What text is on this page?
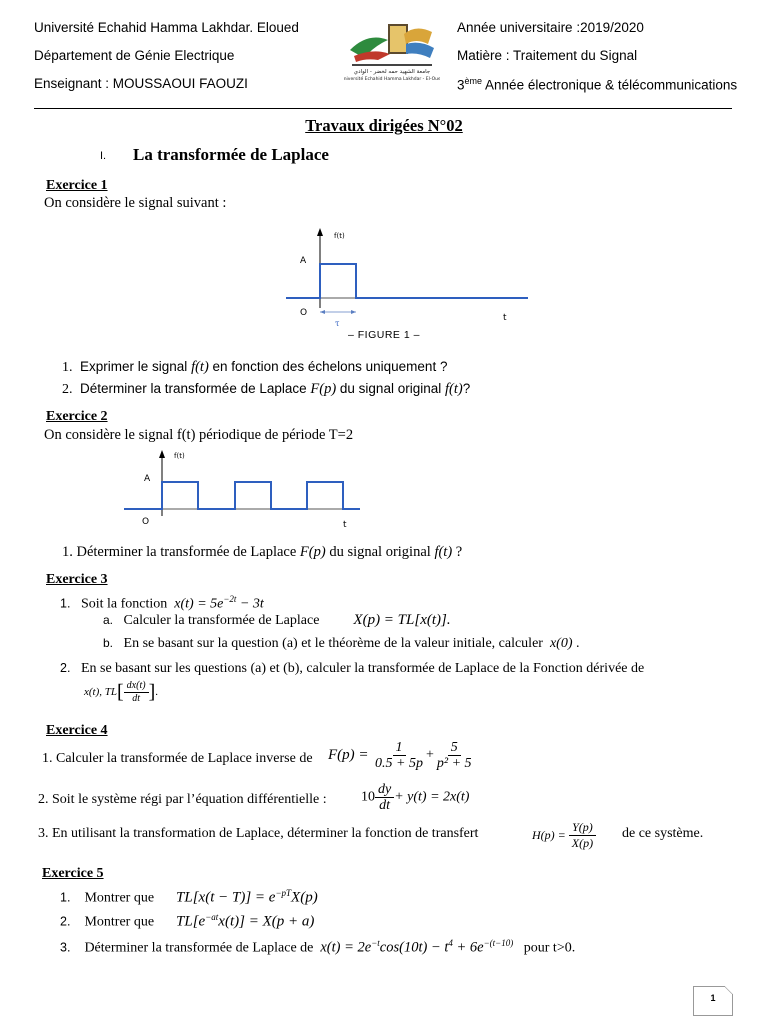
Université Echahid Hamma Lakhdar. Eloued
Département de Génie Electrique
Enseignant : MOUSSAOUI FAOUZI
جامعة الشهيد حمه لخضر - الوادي
Université Echahid Hamma Lakhdar - El-Oued
Année universitaire :2019/2020
Matière : Traitement du Signal
3ème Année électronique & télécommunications
Travaux dirigées N°02
I. La transformée de Laplace
Exercice 1
On considère le signal suivant :
f(t)
A
O
τ
t
– FIGURE 1 –
1. Exprimer le signal f(t) en fonction des échelons uniquement ?
2. Déterminer la transformée de Laplace F(p) du signal original f(t)?
Exercice 2
On considère le signal f(t) périodique de période T=2
f(t)
A
O	t
1. Déterminer la transformée de Laplace F(p) du signal original f(t) ?
Exercice 3
1. Soit la fonction $x(t) = 5e^{-2t} - 3t$
a. Calculer la transformée de Laplace X(p) = TL[x(t)].
b. En se basant sur la question (a) et le théorème de la valeur initiale, calculer x(0) .
2. En se basant sur les questions (a) et (b), calculer la transformée de Laplace de la Fonction dérivée de
x(t), $TL[ \frac{dx(t)}{dt}$ ].
Exercice 4
1. Calculer la transformée de Laplace inverse de $F(p) = \frac{1}{0.5 + 5p} + \frac{5}{\text{p² + 5}}$
2. Soit le système régi par l’équation différentielle : $10 \frac{dy}{dt} + y(t) = 2x(t)$
3. En utilisant la transformation de Laplace, déterminer la fonction de transfert	$H(p) = \frac{Y(p)}{X(p)}$ de ce système.
Exercice 5
1. Montrer que $TL[x(t - T)] = e^{-pT}X(p)$
2. Montrer que $TL[e^{-at}x(t)] = X(p + a)$
3. Déterminer la transformée de Laplace de $x(t) = 2e^{-t}\cos(10t) - t^4 + 6e^{-(t-10)}$ pour t>0.
1
